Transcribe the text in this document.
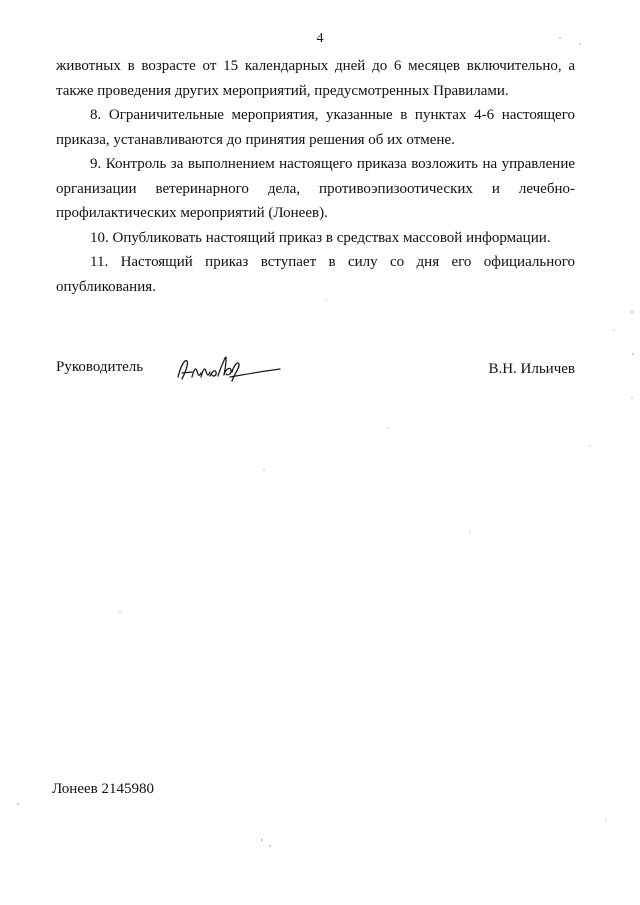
4

животных в возрасте от 15 календарных дней до 6 месяцев включительно, а также проведения других мероприятий, предусмотренных Правилами.

8. Ограничительные мероприятия, указанные в пунктах 4-6 настоящего приказа, устанавливаются до принятия решения об их отмене.

9. Контроль за выполнением настоящего приказа возложить на управление организации ветеринарного дела, противоэпизоотических и лечебно-профилактических мероприятий (Лонеев).

10. Опубликовать настоящий приказ в средствах массовой информации.

11. Настоящий приказ вступает в силу со дня его официального опубликования.

Руководитель	В.Н. Ильичев
Лонеев 2145980
